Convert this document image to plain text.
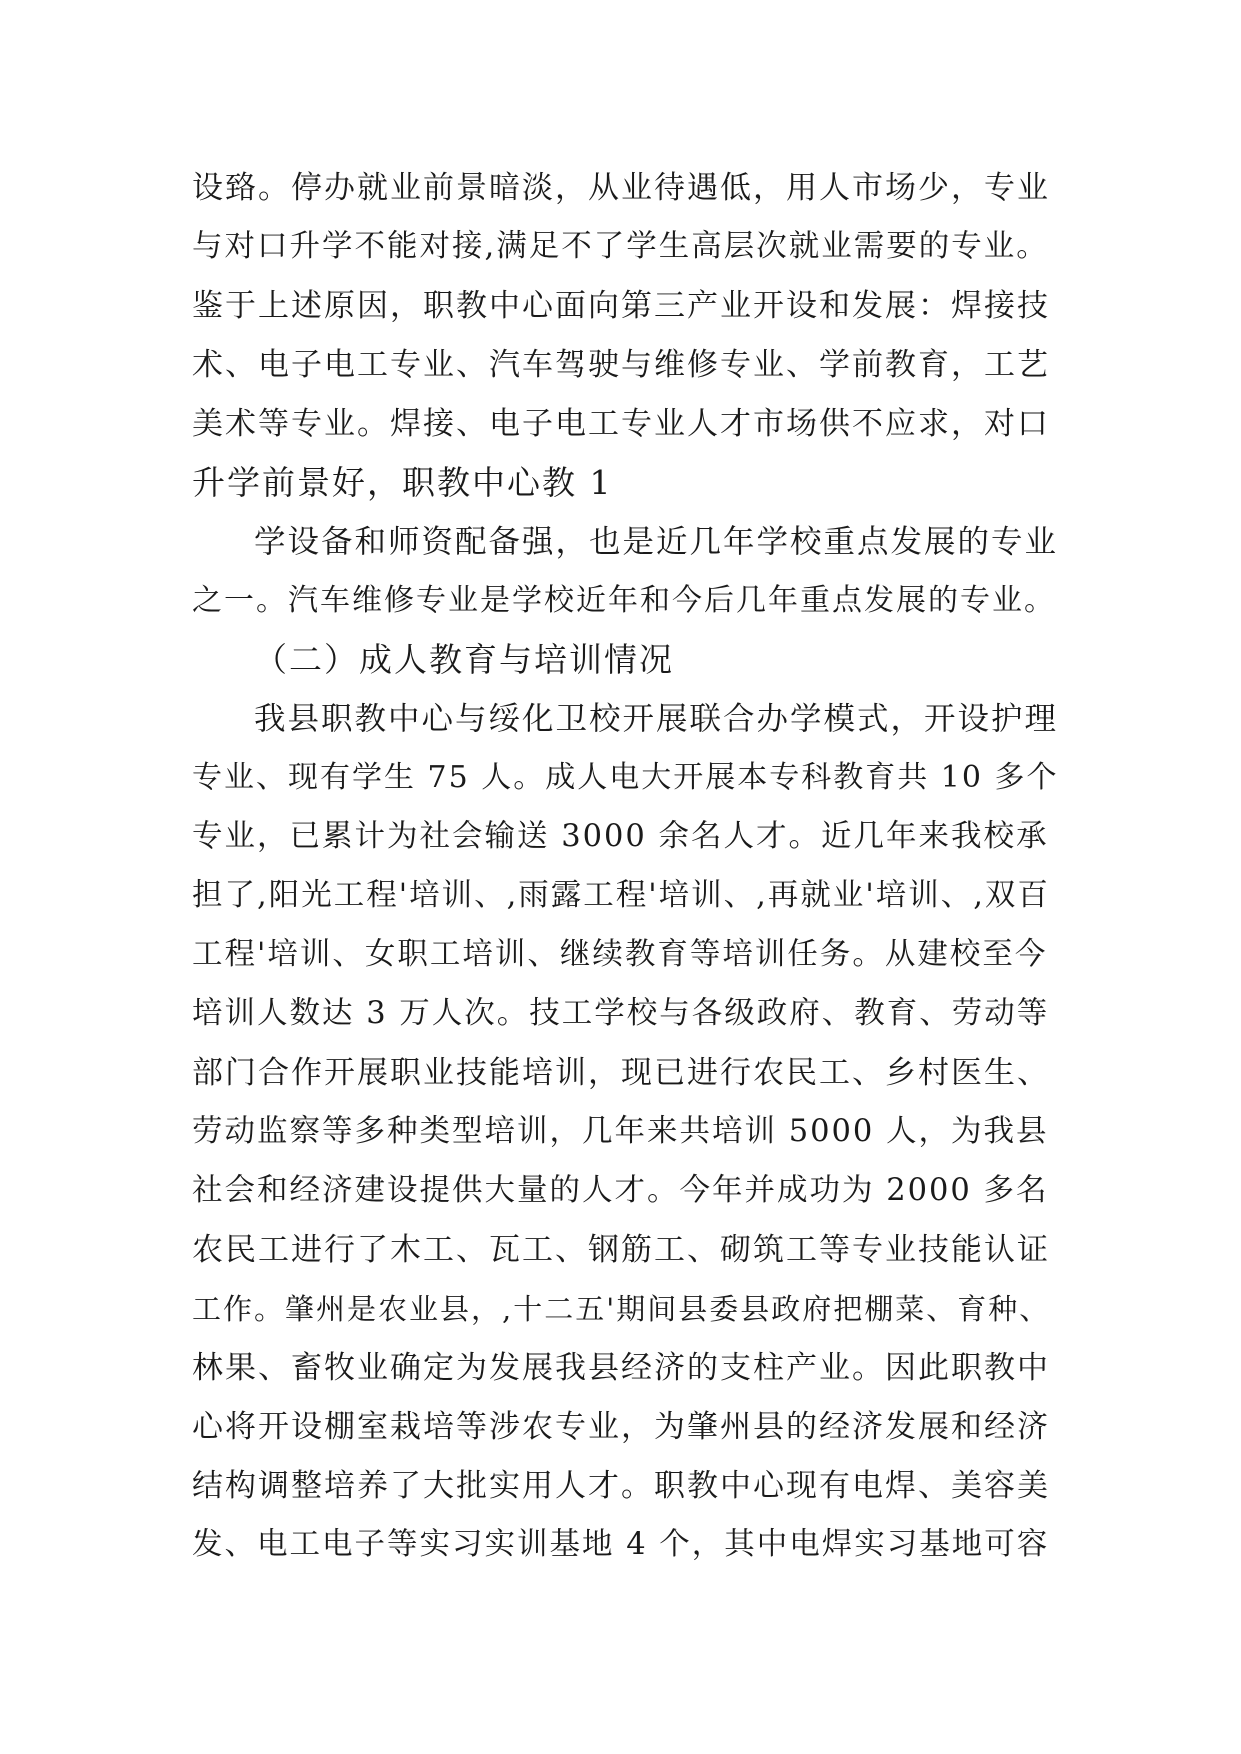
设臵。停办就业前景暗淡，从业待遇低，用人市场少，专业
与对口升学不能对接,满足不了学生高层次就业需要的专业。
鉴于上述原因，职教中心面向第三产业开设和发展：焊接技
术、电子电工专业、汽车驾驶与维修专业、学前教育，工艺
美术等专业。焊接、电子电工专业人才市场供不应求，对口
升学前景好，职教中心教 1
学设备和师资配备强，也是近几年学校重点发展的专业
之一。汽车维修专业是学校近年和今后几年重点发展的专业。
（二）成人教育与培训情况
我县职教中心与绥化卫校开展联合办学模式，开设护理
专业、现有学生 75 人。成人电大开展本专科教育共 10 多个
专业，已累计为社会输送 3000 余名人才。近几年来我校承
担了,阳光工程'培训、,雨露工程'培训、,再就业'培训、,双百
工程'培训、女职工培训、继续教育等培训任务。从建校至今
培训人数达 3 万人次。技工学校与各级政府、教育、劳动等
部门合作开展职业技能培训，现已进行农民工、乡村医生、
劳动监察等多种类型培训，几年来共培训 5000 人，为我县
社会和经济建设提供大量的人才。今年并成功为 2000 多名
农民工进行了木工、瓦工、钢筋工、砌筑工等专业技能认证
工作。肇州是农业县，,十二五'期间县委县政府把棚菜、育种、
林果、畜牧业确定为发展我县经济的支柱产业。因此职教中
心将开设棚室栽培等涉农专业，为肇州县的经济发展和经济
结构调整培养了大批实用人才。职教中心现有电焊、美容美
发、电工电子等实习实训基地 4 个，其中电焊实习基地可容
